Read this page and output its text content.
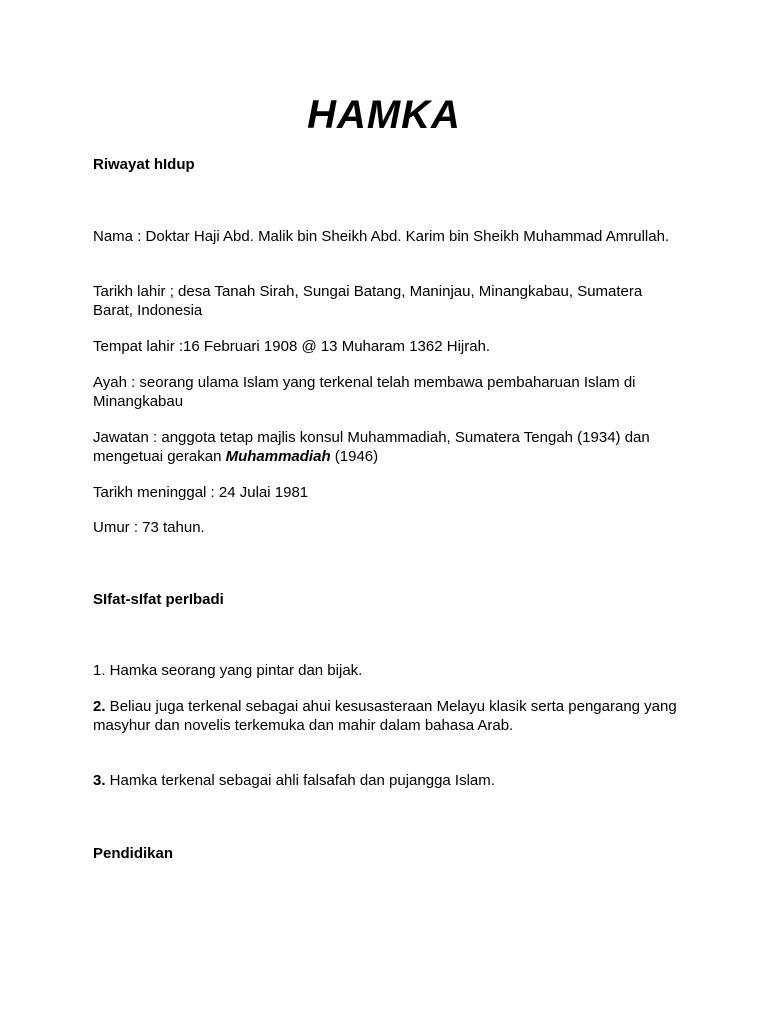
HAMKA
Riwayat hIdup
Nama : Doktar Haji Abd. Malik bin Sheikh Abd. Karim bin Sheikh Muhammad Amrullah.
Tarikh lahir ; desa Tanah Sirah, Sungai Batang, Maninjau, Minangkabau, Sumatera Barat, Indonesia
Tempat lahir :16 Februari 1908 @ 13 Muharam 1362 Hijrah.
Ayah : seorang ulama Islam yang terkenal telah membawa pembaharuan Islam di Minangkabau
Jawatan : anggota tetap majlis konsul Muhammadiah, Sumatera Tengah (1934) dan mengetuai gerakan Muhammadiah (1946)
Tarikh meninggal : 24 Julai 1981
Umur : 73 tahun.
SIfat-sIfat perIbadi
1. Hamka seorang yang pintar dan bijak.
2. Beliau juga terkenal sebagai ahui kesusasteraan Melayu klasik serta pengarang yang masyhur dan novelis terkemuka dan mahir dalam bahasa Arab.
3. Hamka terkenal sebagai ahli falsafah dan pujangga Islam.
Pendidikan
